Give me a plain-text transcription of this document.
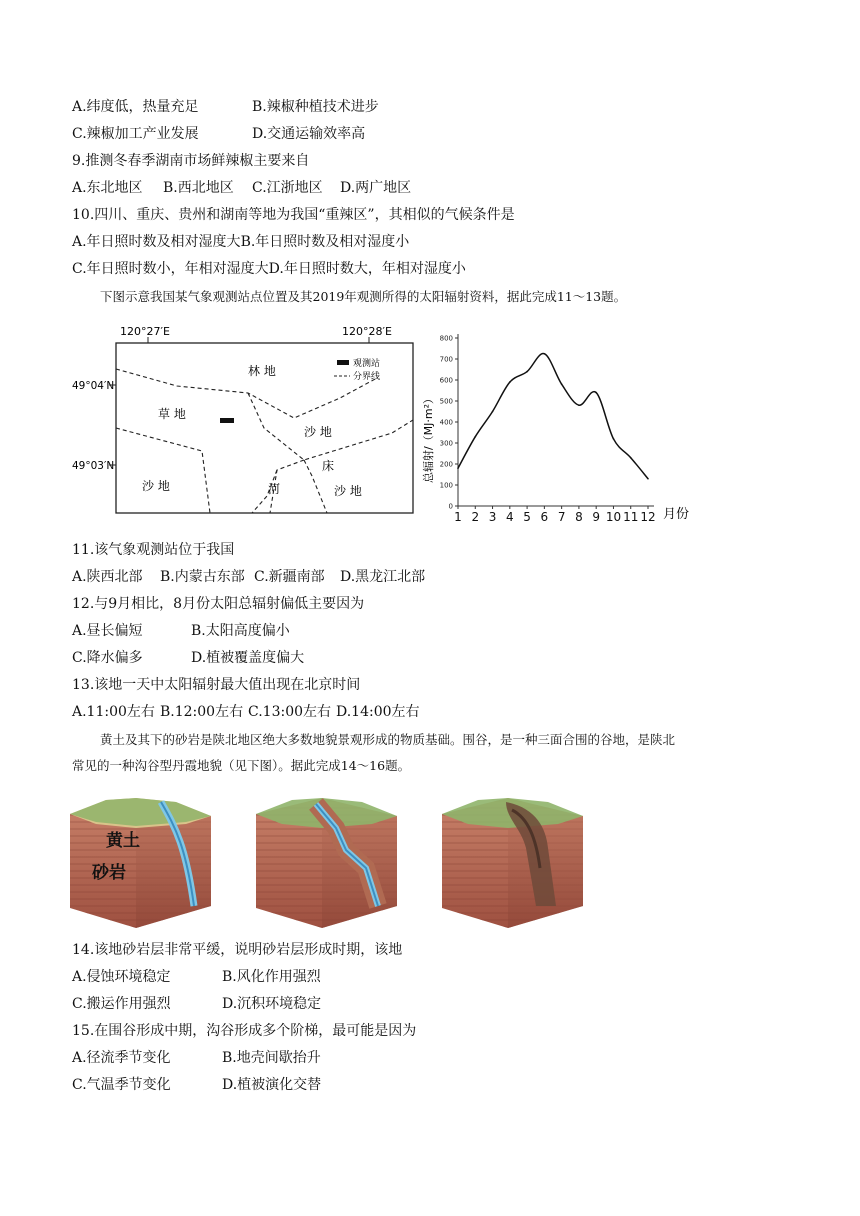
A.纬度低，热量充足	B.辣椒种植技术进步
C.辣椒加工产业发展	D.交通运输效率高
9.推测冬春季湖南市场鲜辣椒主要来自
A.东北地区 B.西北地区 C.江浙地区 D.两广地区
10.四川、重庆、贵州和湖南等地为我国“重辣区”，其相似的气候条件是
A.年日照时数及相对湿度大B.年日照时数及相对湿度小
C.年日照时数小，年相对湿度大D.年日照时数大，年相对湿度小
下图示意我国某气象观测站点位置及其2019年观测所得的太阳辐射资料，据此完成11～13题。
120°27′E	120°28′E
49°04′N
49°03′N
观测站
分界线
林 地
草 地
沙 地
沙 地	沙 地
河
床	总辐射/（MJ·m²）
月份
0
100
200
300
400
500
600
700
800
1 2 3 4 5 6 7 8 9 10 11 12
11.该气象观测站位于我国
A.陕西北部 B.内蒙古东部 C.新疆南部 D.黑龙江北部
12.与9月相比，8月份太阳总辐射偏低主要因为
A.昼长偏短	B.太阳高度偏小
C.降水偏多	D.植被覆盖度偏大
13.该地一天中太阳辐射最大值出现在北京时间
A.11:00左右 B.12:00左右 C.13:00左右 D.14:00左右
黄土及其下的砂岩是陕北地区绝大多数地貌景观形成的物质基础。围谷，是一种三面合围的谷地，是陕北
常见的一种沟谷型丹霞地貌（见下图）。据此完成14～16题。
黄土
砂岩
14.该地砂岩层非常平缓，说明砂岩层形成时期，该地
A.侵蚀环境稳定	B.风化作用强烈
C.搬运作用强烈	D.沉积环境稳定
15.在围谷形成中期，沟谷形成多个阶梯，最可能是因为
A.径流季节变化	B.地壳间歇抬升
C.气温季节变化	D.植被演化交替
